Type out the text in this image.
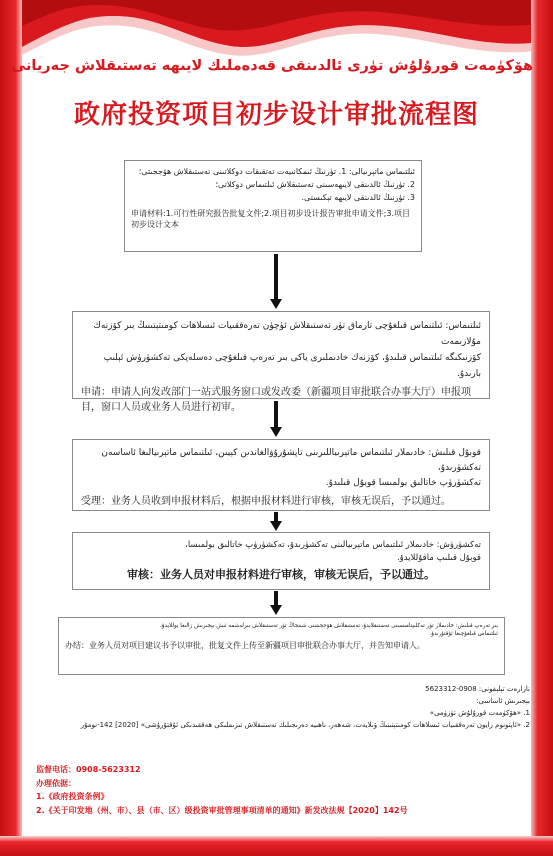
ھۆكۈمەت قورۇلۇش تۈرى ئالدىنقى قەدەملىك لايىھە تەستىقلاش جەريانى
政府投资项目初步设计审批流程图
ئىلتىماس ماتېرىيالى: 1. تۈرنىڭ ئىمكانىيەت تەتقىقات دوكلاتىنى تەستىقلاش ھۆججىتى؛
2. تۈرنىڭ ئالدىنقى لايىھەسىنى تەستىقلاش ئىلتىماس دوكلاتى؛
3. تۈرنىڭ ئالدىنقى لايىھە تېكىستى.
申请材料:1.可行性研究报告批复文件;2.项目初步设计报告审批申请文件;3.项目初步设计文本
ئىلتىماس: ئىلتىماس قىلغۇچى تارماق تۈر تەستىقلاش ئۈچۈن تەرەققىيات ئىسلاھات كومىتېتىنىڭ بىر كۆزنەك مۇلازىمەت
كۆزنىكىگە ئىلتىماس قىلىدۇ، كۆزنەك خادىملىرى ياكى بىر تەرەپ قىلغۇچى دەسلەپكى تەكشۈرۈش ئېلىپ بارىدۇ.
申请：申请人向发改部门一站式服务窗口或发改委（新疆项目审批联合办事大厅）申报项目，窗口人员或业务人员进行初审。
قوبۇل قىلىش: خادىملار ئىلتىماس ماتېرىياللىرىنى تاپشۇرۇۋالغاندىن كېيىن، ئىلتىماس ماتېرىيالىغا ئاساسەن تەكشۈرىدۇ،
تەكشۈرۈپ خاتالىق بولمىسا قوبۇل قىلىدۇ.
受理：业务人员收到申报材料后，根据申报材料进行审核，审核无误后，予以通过。
تەكشۈرۈش: خادىملار ئىلتىماس ماتېرىيالىنى تەكشۈرىدۇ، تەكشۈرۈپ خاتالىق بولمىسا،
قوبۇل قىلىپ ماقۇللايدۇ.
审核：业务人员对申报材料进行审核，审核无误后，予以通过。
بىر تەرەپ قىلىش: خادىملار تۈر تەكلىپنامىسىنى تەستىقلايدۇ، تەستىقلاش ھۆججىتىنى شىنجاڭ تۈر تەستىقلاش بىرلەشمە ئىش بېجىرىش زالىغا يوللايدۇ،
ئىلتىماس قىلغۇچىغا ئۇقتۇرىدۇ.
办结：业务人员对项目建议书予以审批，批复文件上传至新疆项目审批联合办事大厅，并告知申请人。
نازارەت تېلېفونى: 0908-5623312
بېجىرىش ئاساسى:
1. «ھۆكۈمەت قورۇلۇش تۈزۈمى»
2. «ئاپتونوم رايون تەرەققىيات ئىسلاھات كومىتېتىنىڭ ۋىلايەت، شەھەر، ناھىيە دەرىجىلىك تەستىقلاش تىزىملىكى ھەققىدىكى ئۇقتۇرۇشى» [2020] 142-نومۇر
监督电话：0908-5623312
办理依据：
1.《政府投资条例》
2.《关于印发地（州、市）、县（市、区）级投资审批管理事项清单的通知》新发改法规【2020】142号
